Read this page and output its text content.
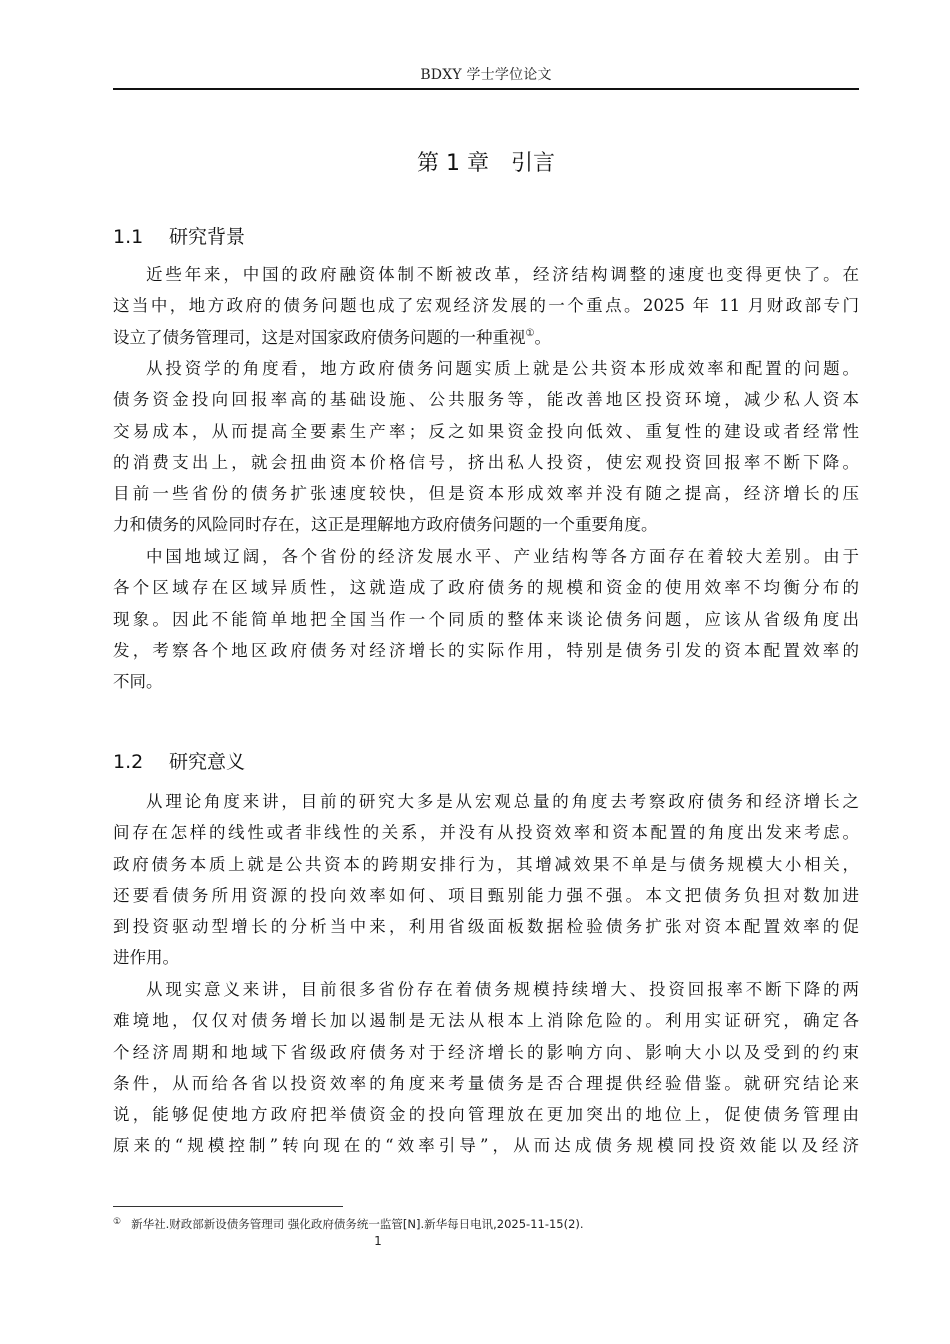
BDXY 学士学位论文
第 1 章　引言
1.1 研究背景
近些年来，中国的政府融资体制不断被改革，经济结构调整的速度也变得更快了。在
这当中，地方政府的债务问题也成了宏观经济发展的一个重点。2025 年 11 月财政部专门
设立了债务管理司，这是对国家政府债务问题的一种重视①。
从投资学的角度看，地方政府债务问题实质上就是公共资本形成效率和配置的问题。
债务资金投向回报率高的基础设施、公共服务等，能改善地区投资环境，减少私人资本
交易成本，从而提高全要素生产率；反之如果资金投向低效、重复性的建设或者经常性
的消费支出上，就会扭曲资本价格信号，挤出私人投资，使宏观投资回报率不断下降。
目前一些省份的债务扩张速度较快，但是资本形成效率并没有随之提高，经济增长的压
力和债务的风险同时存在，这正是理解地方政府债务问题的一个重要角度。
中国地域辽阔，各个省份的经济发展水平、产业结构等各方面存在着较大差别。由于
各个区域存在区域异质性，这就造成了政府债务的规模和资金的使用效率不均衡分布的
现象。因此不能简单地把全国当作一个同质的整体来谈论债务问题，应该从省级角度出
发，考察各个地区政府债务对经济增长的实际作用，特别是债务引发的资本配置效率的
不同。
1.2 研究意义
从理论角度来讲，目前的研究大多是从宏观总量的角度去考察政府债务和经济增长之
间存在怎样的线性或者非线性的关系，并没有从投资效率和资本配置的角度出发来考虑。
政府债务本质上就是公共资本的跨期安排行为，其增减效果不单是与债务规模大小相关，
还要看债务所用资源的投向效率如何、项目甄别能力强不强。本文把债务负担对数加进
到投资驱动型增长的分析当中来，利用省级面板数据检验债务扩张对资本配置效率的促
进作用。
从现实意义来讲，目前很多省份存在着债务规模持续增大、投资回报率不断下降的两
难境地，仅仅对债务增长加以遏制是无法从根本上消除危险的。利用实证研究，确定各
个经济周期和地域下省级政府债务对于经济增长的影响方向、影响大小以及受到的约束
条件，从而给各省以投资效率的角度来考量债务是否合理提供经验借鉴。就研究结论来
说，能够促使地方政府把举债资金的投向管理放在更加突出的地位上，促使债务管理由
原来的“规模控制”转向现在的“效率引导”，从而达成债务规模同投资效能以及经济
① 新华社.财政部新设债务管理司 强化政府债务统一监管[N].新华每日电讯,2025-11-15(2).
1
